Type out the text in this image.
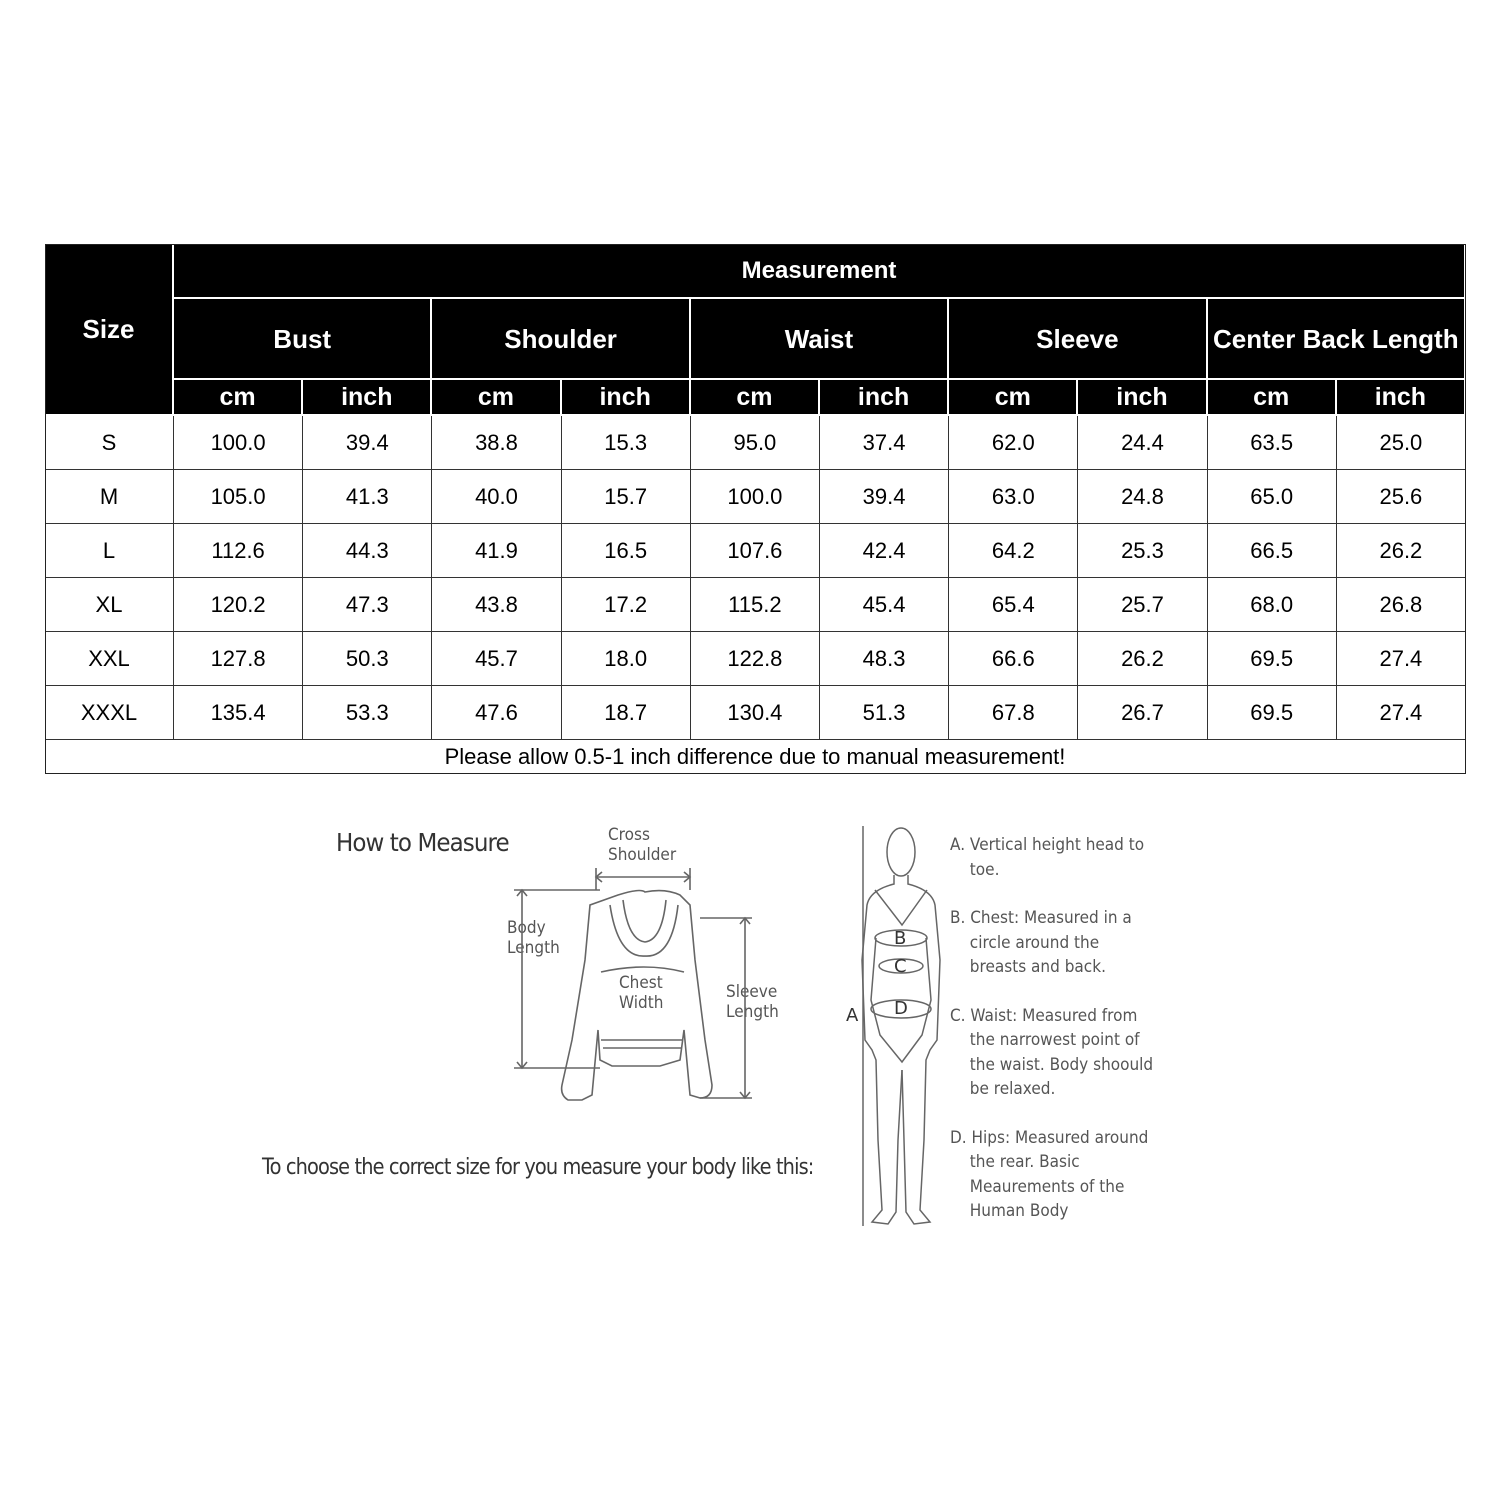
Size
Measurement
Bust
cm	inch
Shoulder
cm	inch
Waist
cm	inch
Sleeve
cm	inch
Center Back Length
cm	inch
S	100.0	39.4	38.8	15.3	95.0	37.4	62.0	24.4	63.5	25.0
M	105.0	41.3	40.0	15.7	100.0	39.4	63.0	24.8	65.0	25.6
L	112.6	44.3	41.9	16.5	107.6	42.4	64.2	25.3	66.5	26.2
XL	120.2	47.3	43.8	17.2	115.2	45.4	65.4	25.7	68.0	26.8
XXL	127.8	50.3	45.7	18.0	122.8	48.3	66.6	26.2	69.5	27.4
XXXL	135.4	53.3	47.6	18.7	130.4	51.3	67.8	26.7	69.5	27.4
Please allow 0.5-1 inch difference due to manual measurement!
How to Measure	Cross
Shoulder
Body
Length
Chest
Width
Sleeve
Length
B
C
D
A
A. Vertical height head to toe.
B. Chest: Measured in a circle around the breasts and back.
C. Waist: Measured from the narrowest point of the waist. Body shoould be relaxed.
D. Hips: Measured around the rear. Basic Meaurements of the Human Body
To choose the correct size for you measure your body like this:
